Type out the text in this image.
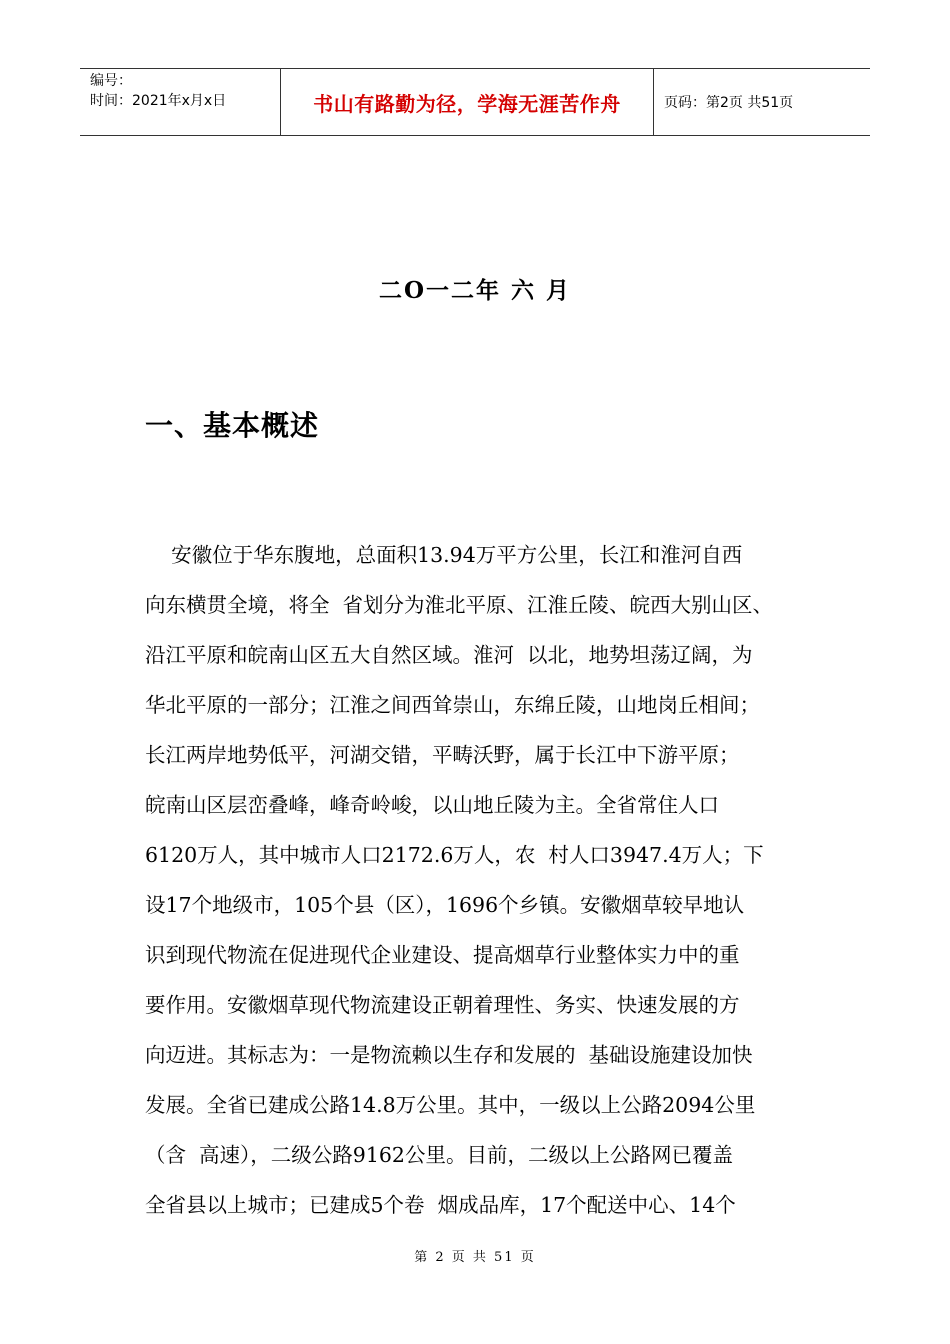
编号：
时间：2021年x月x日	书山有路勤为径，学海无涯苦作舟	页码：第2页 共51页
二O一二年 六 月
一、基本概述
安徽位于华东腹地，总面积13.94万平方公里，长江和淮河自西
向东横贯全境，将全  省划分为淮北平原、江淮丘陵、皖西大别山区、
沿江平原和皖南山区五大自然区域。淮河  以北，地势坦荡辽阔，为
华北平原的一部分；江淮之间西耸崇山，东绵丘陵，山地岗丘相间；
长江两岸地势低平，河湖交错，平畴沃野，属于长江中下游平原；
皖南山区层峦叠峰，峰奇岭峻，以山地丘陵为主。全省常住人口
6120万人，其中城市人口2172.6万人，农  村人口3947.4万人；下
设17个地级市，105个县（区），1696个乡镇。安徽烟草较早地认
识到现代物流在促进现代企业建设、提高烟草行业整体实力中的重
要作用。安徽烟草现代物流建设正朝着理性、务实、快速发展的方
向迈进。其标志为：一是物流赖以生存和发展的  基础设施建设加快
发展。全省已建成公路14.8万公里。其中，一级以上公路2094公里
（含  高速），二级公路9162公里。目前，二级以上公路网已覆盖
全省县以上城市；已建成5个卷  烟成品库，17个配送中心、14个
第 2 页 共 51 页
